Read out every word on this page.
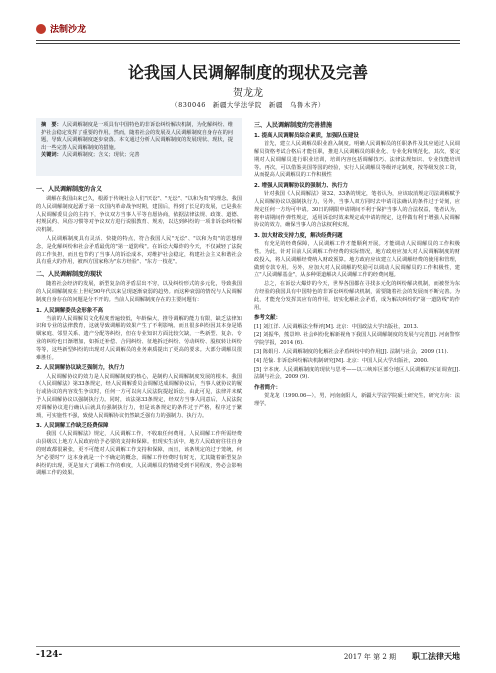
法制沙龙
论我国人民调解制度的现状及完善
贺龙龙
（830046　新疆大学法学院　新疆　乌鲁木齐）
摘　要：人民调解制度是一项具有中国特色的非诉讼纠纷解决机制，为化解纠纷、维护社会稳定发挥了重要的作用。然而，随着社会的发展及人民调解制度自身存在的问题，导致人民调解制度逐步衰落。本文通过分析人民调解制度的发展现状、现状，提出一些完善人民调解制度的措施。
关键词：人民调解制度；含义；现状；完善
一、人民调解制度的含义

调解在我国由来已久，根源于传统社会人们"厌讼"、"无讼"、"以和为贵"的理念。我国的人民调解制度起源于第一次国内革命战争时期，建国后，得到了长足的发展，已是我在人民调解委员会的主持下，争议双方当事人平等自愿协商，依据法律法规、政策、道德、村规民约、风俗习惯等对争议双方进行说服教育、规劝，以达到纠纷的一项非诉讼纠纷解决机制。

人民调解制度具有灵活、快捷的特点，符合我国人民"无讼"、"以和为贵"的思想理念，是化解纠纷和社会矛盾最优的"第一道防线"。在诉讼大爆炸的今天，不仅减轻了法院的工作负担，而且也节约了当事人的诉讼成本，对维护社会稳定，构建社会主义和谐社会具有重大的作用，被西方国家称为"东方经验"、"东方一枝花"。

二、人民调解制度的现状

随着社会经济的发展，新型复杂的矛盾层出不穷，以及纠纷形式的多元化，导致我国的人民调解制度在上世纪90年代以来呈现逐渐衰弱的趋势。而这种衰弱的情况与人民调解制度自身存在的问题是分不开的。当前人民调解制度存在的主要问题有：

1. 人民调解委员会形象不高

当前的人民调解员文化程度普遍较低，年龄偏大，推导调解的能力有限，缺乏法律知识和专业的法律教育，这就导致调解的效果产生了不利影响。而且很多纠纷因其本身是婚姻家庭、邻里关系、遗产分配等纠纷，但在专业知识方面比较欠缺，一些新型、复杂、专业的纠纷也日渐增加，如拆迁补偿、合同纠纷、征地拆迁纠纷、劳动纠纷、股权转让纠纷等等，这些新型纠纷的出现对人民调解员的业务素质提出了更高的要求。大部分调解员很难胜任。

2. 人民调解协议缺乏强制力，执行力

人民调解协议的效力是人民调解制度的核心，是制约人民调解制度发展的根本。我国《人民调解法》第33条规定，经人民调解委员会调解达成调解协议后，当事人就协议的履行或协议的内容发生争议时，任何一方可以向人民法院提起诉讼。由此可见，法律并未赋予人民调解协议以强制执行力。同时，该法第33条规定，经双方当事人同意后，人民法院对调解协议进行确认后就具有强制执行力，但是该条规定的条件过于严格，程序过于繁琐，可实施性不强，致使人民调解协议仍然缺乏强有力的强制力、执行力。

3. 人民调解工作缺乏经费保障

我国《人民调解法》规定，人民调解工作，不收取任何费用。人民调解工作所需经费由县级以上地方人民政府给予必要的支持和保障。但现实生活中，地方人民政府往往自身的财政都很紧张，更不可能对人民调解工作支持和保障，而且，该条规定的过于笼统，何为"必要时"？这本身就是一个不确定的概念，调解工作经费时有时无，尤其随着新型复杂纠纷的出现，更是加大了调解工作的难度，人民调解员的情绪受到不同程度，势必会影响调解工作的效果。

三、人民调解制度的完善措施
1. 提高人民调解员综合素质，加强队伍建设

首先，建立人民调解员职业准入制度。明确人民调解员的任职条件及其应通过人民调解员资格考试合格后才能任职，推进人民调解员的职业化、专业化和规范化。其次，要定期对人民调解员进行职业培训，培训内容包括调解技巧、法律法规知识、专业技能培训等。再次，可以借鉴美国等国的经验，实行人民调解员等级评定制度，按等级发放工资，从而提高人民调解员的工作积极性

2. 增强人民调解协议的强制力、执行力

针对我国《人民调解法》第32、33条的规定，笔者认为，应该取消规定司法调解赋予人民调解协议以强制执行力，另外，当事人双方同时去申请司法确认的条件过于苛刻，应规定任何一方均可申请。30日的期限申请期间不利于保护当事人的合法权益，笔者认为，将申请期间作弹性规定，适用诉讼时效来规定或申请的规定，这样做有利于增强人民调解协议的效力，确保当事人的合法权利实现。

3. 加大财政支持力度，解决经费问题

有充足的经费保障，人民调解工作才能顺利开展。才能调动人民调解员的工作积极性。为此，针对目前人民调解工作经费的实际情况，地方政府应加大对人民调解制度的财政投入，将人民调解经费纳入财政预算。地方政府应该建立人民调解经费的使用和管理，做到专款专用。另外，应加大对人民调解的奖励可以调动人民调解员的工作积极性，建立"人民调解基金"，从多种渠道解决人民调解工作的经费问题。

总之，在诉讼大爆炸的今天，世界各国都在寻找多元化的纠纷解决机制，而被誉为东方经验的我国具有中国特色的非诉讼纠纷解决机制，需要随着社会的发展而不断完善。为此，才能充分发挥其应有的作用，切实化解社会矛盾，成为解决纠纷的"第一道防线"的作用。

参考文献：

[1] 刘江洋. 人民调解法全释评[M]. 北京：中国政法大学出版社，2013.

[2] 刘振华，熊景坤. 社会纠纷化解新视角下我国人民调解制度的发展与完善[J]. 河南警察学院学报，2014 (6).

[3] 陈娟月. 人民调解制度的化解社会矛盾纠纷中的作用[J]. 法制与社会，2009 (11).

[4] 范愉. 非诉讼纠纷解决机制研究[M]. 北京：中国人民大学出版社，2000.

[5] 辛本庚. 人民调解制度的现状与思考——以三峡库区部分地区人民调解的实证调查[J]. 法制与社会，2009 (9).

作者简介：

贺龙龙（1990.06—），男，河南南阳人，新疆大学法学院硕士研究生，研究方向：法理学。

-124-	2017 年 第 2 期 职工法律天地
